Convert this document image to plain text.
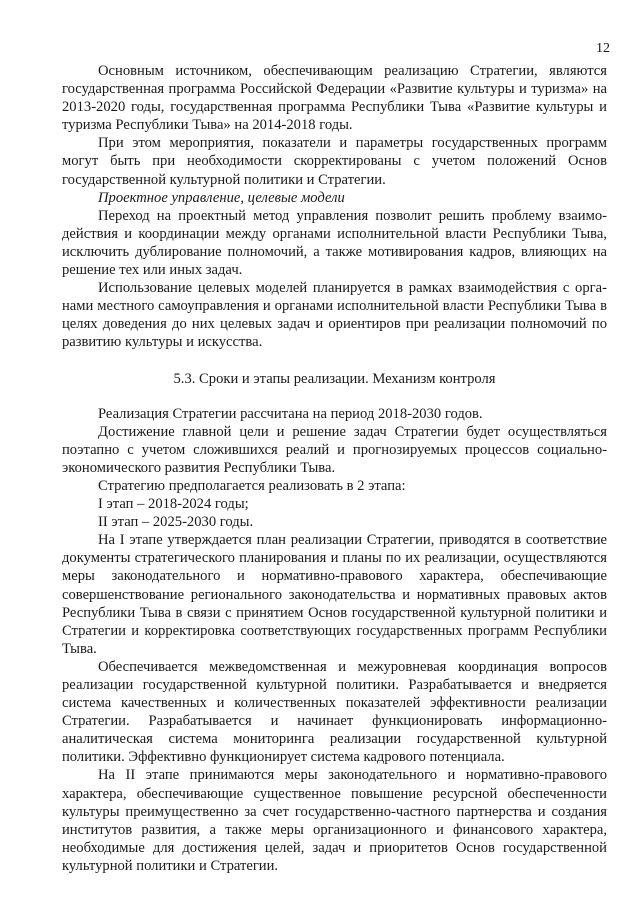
12

Основным источником, обеспечивающим реализацию Стратегии, являются государственная программа Российской Федерации «Развитие культуры и туризма» на 2013-2020 годы, государственная программа Республики Тыва «Развитие культуры и туризма Республики Тыва» на 2014-2018 годы.

При этом мероприятия, показатели и параметры государственных программ могут быть при необходимости скорректированы с учетом положений Основ государственной культурной политики и Стратегии.

Проектное управление, целевые модели

Переход на проектный метод управления позволит решить проблему взаимодействия и координации между органами исполнительной власти Республики Тыва, исключить дублирование полномочий, а также мотивирования кадров, влияющих на решение тех или иных задач.

Использование целевых моделей планируется в рамках взаимодействия с органами местного самоуправления и органами исполнительной власти Республики Тыва в целях доведения до них целевых задач и ориентиров при реализации полномочий по развитию культуры и искусства.

5.3. Сроки и этапы реализации. Механизм контроля

Реализация Стратегии рассчитана на период 2018-2030 годов.

Достижение главной цели и решение задач Стратегии будет осуществляться поэтапно с учетом сложившихся реалий и прогнозируемых процессов социально-экономического развития Республики Тыва.

Стратегию предполагается реализовать в 2 этапа:

I этап – 2018-2024 годы;

II этап – 2025-2030 годы.

На I этапе утверждается план реализации Стратегии, приводятся в соответствие документы стратегического планирования и планы по их реализации, осуществляются меры законодательного и нормативно-правового характера, обеспечивающие совершенствование регионального законодательства и нормативных правовых актов Республики Тыва в связи с принятием Основ государственной культурной политики и Стратегии и корректировка соответствующих государственных программ Республики Тыва.

Обеспечивается межведомственная и межуровневая координация вопросов реализации государственной культурной политики. Разрабатывается и внедряется система качественных и количественных показателей эффективности реализации Стратегии. Разрабатывается и начинает функционировать информационно-аналитическая система мониторинга реализации государственной культурной политики. Эффективно функционирует система кадрового потенциала.

На II этапе принимаются меры законодательного и нормативно-правового характера, обеспечивающие существенное повышение ресурсной обеспеченности культуры преимущественно за счет государственно-частного партнерства и создания институтов развития, а также меры организационного и финансового характера, необходимые для достижения целей, задач и приоритетов Основ государственной культурной политики и Стратегии.
